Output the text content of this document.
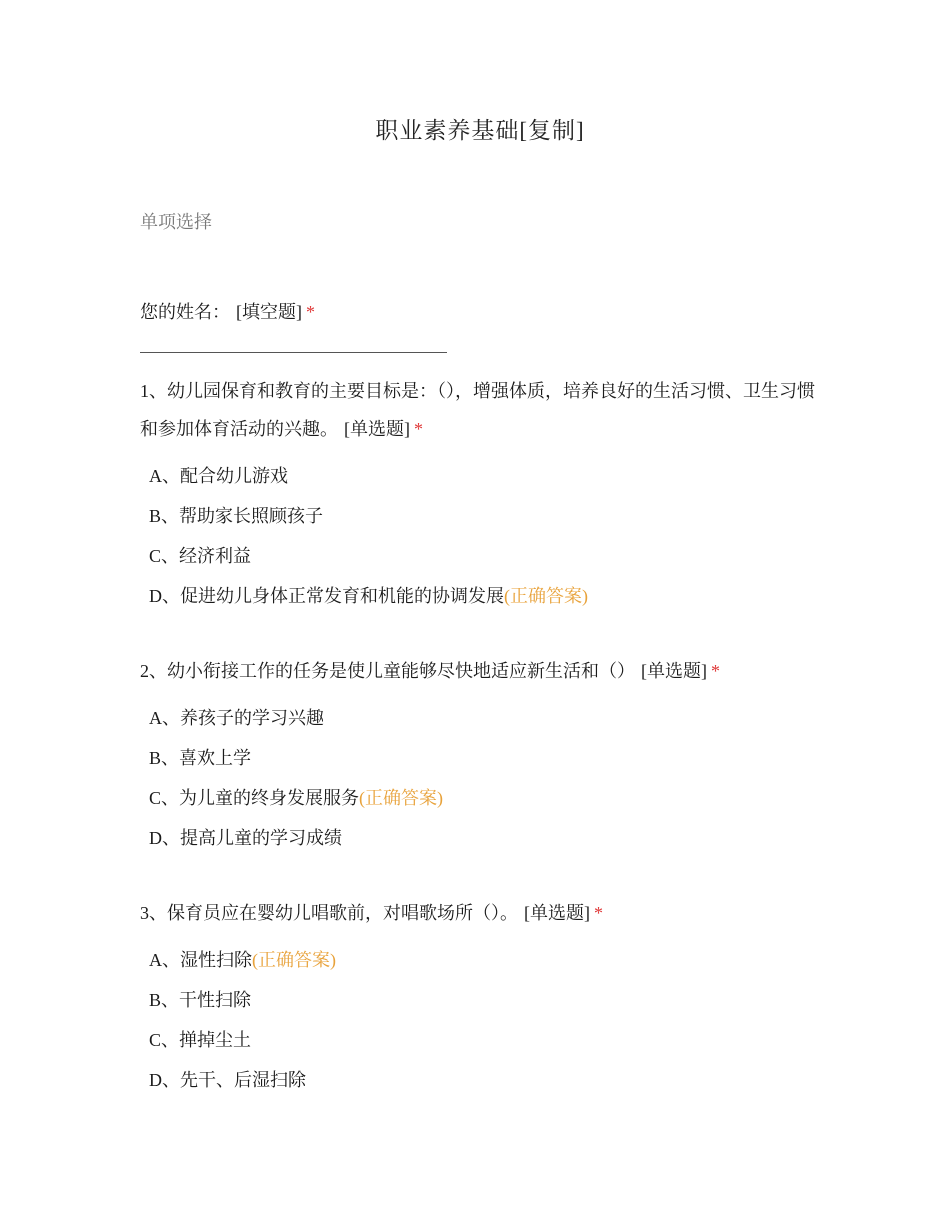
职业素养基础[复制]
单项选择
您的姓名： [填空题] *
1、幼儿园保育和教育的主要目标是：（），增强体质，培养良好的生活习惯、卫生习惯和参加体育活动的兴趣。 [单选题] *
A、配合幼儿游戏
B、帮助家长照顾孩子
C、经济利益
D、促进幼儿身体正常发育和机能的协调发展(正确答案)
2、幼小衔接工作的任务是使儿童能够尽快地适应新生活和（） [单选题] *
A、养孩子的学习兴趣
B、喜欢上学
C、为儿童的终身发展服务(正确答案)
D、提高儿童的学习成绩
3、保育员应在婴幼儿唱歌前，对唱歌场所（）。 [单选题] *
A、湿性扫除(正确答案)
B、干性扫除
C、掸掉尘土
D、先干、后湿扫除
